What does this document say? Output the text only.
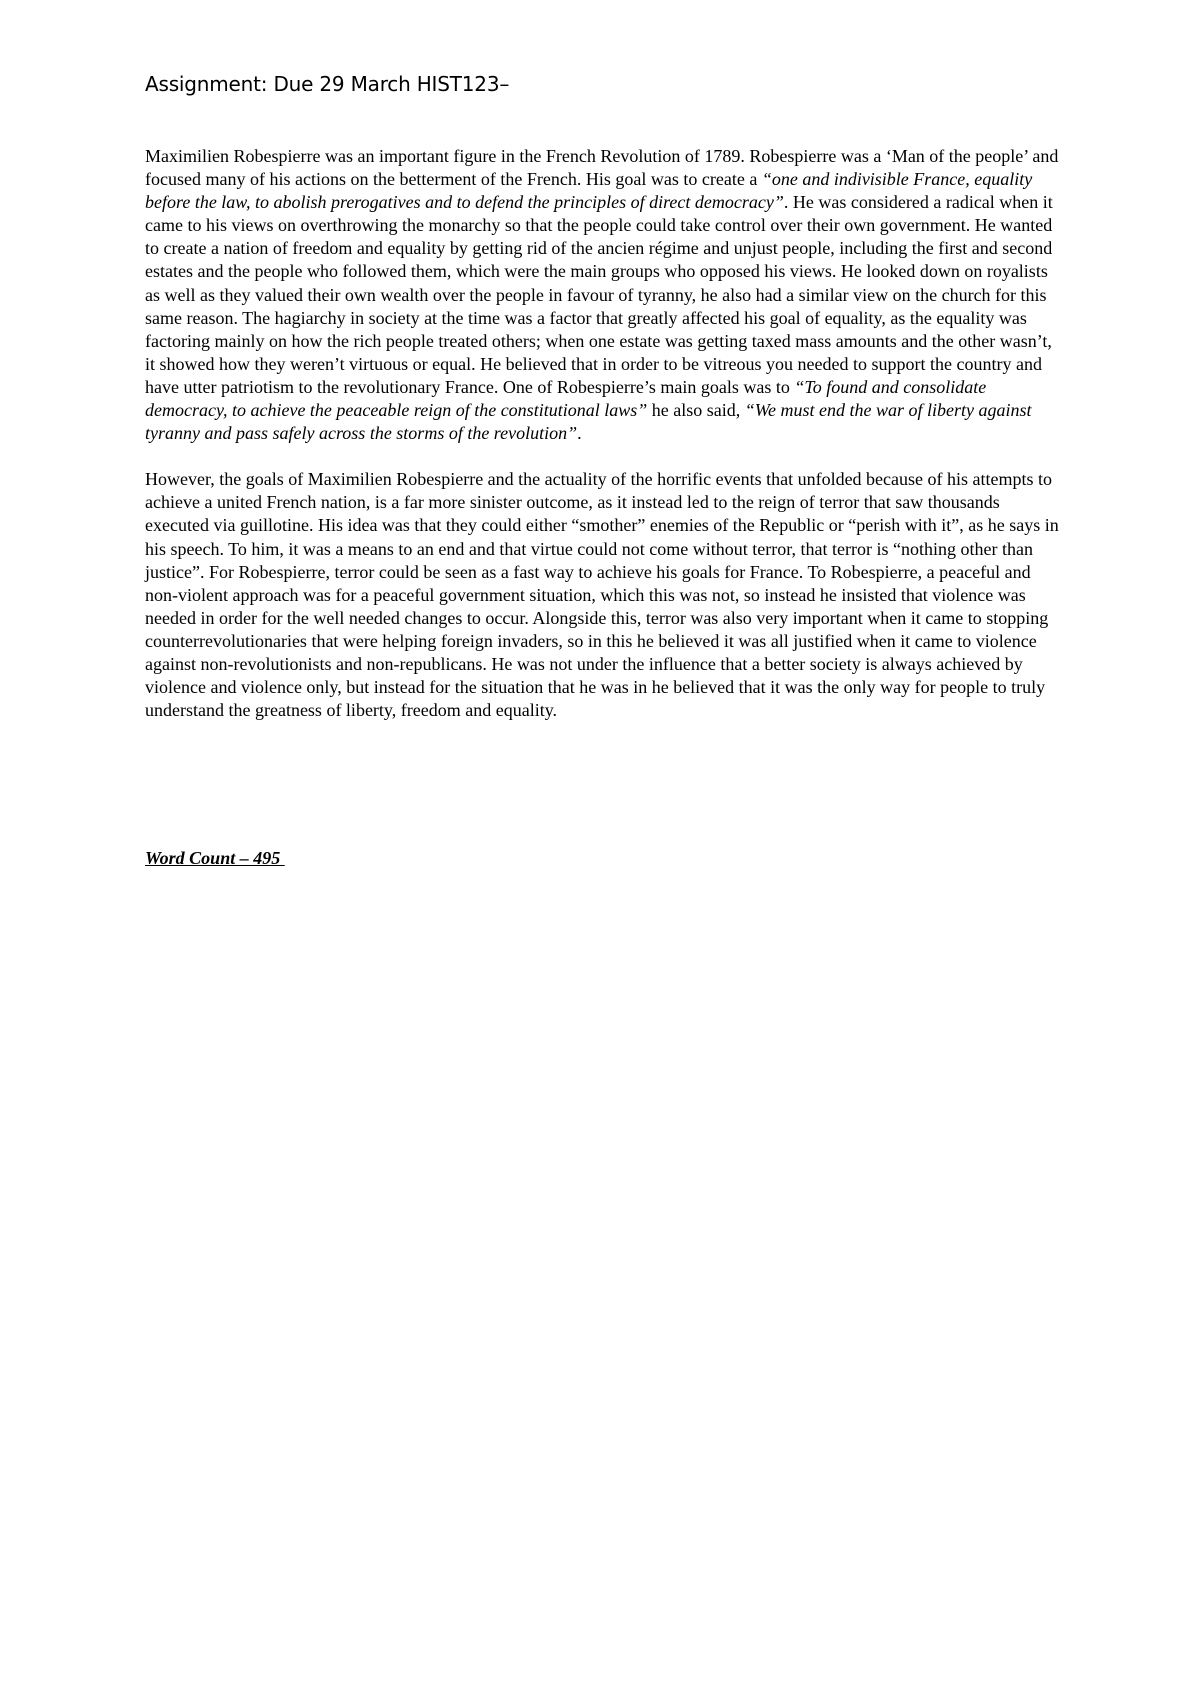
Assignment: Due 29 March HIST123–

Maximilien Robespierre was an important figure in the French Revolution of 1789. Robespierre was a ‘Man of the people’ and focused many of his actions on the betterment of the French. His goal was to create a “one and indivisible France, equality before the law, to abolish prerogatives and to defend the principles of direct democracy”. He was considered a radical when it came to his views on overthrowing the monarchy so that the people could take control over their own government. He wanted to create a nation of freedom and equality by getting rid of the ancien régime and unjust people, including the first and second estates and the people who followed them, which were the main groups who opposed his views. He looked down on royalists as well as they valued their own wealth over the people in favour of tyranny, he also had a similar view on the church for this same reason. The hagiarchy in society at the time was a factor that greatly affected his goal of equality, as the equality was factoring mainly on how the rich people treated others; when one estate was getting taxed mass amounts and the other wasn’t, it showed how they weren’t virtuous or equal. He believed that in order to be vitreous you needed to support the country and have utter patriotism to the revolutionary France. One of Robespierre’s main goals was to “To found and consolidate democracy, to achieve the peaceable reign of the constitutional laws” he also said, “We must end the war of liberty against tyranny and pass safely across the storms of the revolution”.

However, the goals of Maximilien Robespierre and the actuality of the horrific events that unfolded because of his attempts to achieve a united French nation, is a far more sinister outcome, as it instead led to the reign of terror that saw thousands executed via guillotine. His idea was that they could either “smother” enemies of the Republic or “perish with it”, as he says in his speech. To him, it was a means to an end and that virtue could not come without terror, that terror is “nothing other than justice”. For Robespierre, terror could be seen as a fast way to achieve his goals for France. To Robespierre, a peaceful and non-violent approach was for a peaceful government situation, which this was not, so instead he insisted that violence was needed in order for the well needed changes to occur. Alongside this, terror was also very important when it came to stopping counterrevolutionaries that were helping foreign invaders, so in this he believed it was all justified when it came to violence against non-revolutionists and non-republicans. He was not under the influence that a better society is always achieved by violence and violence only, but instead for the situation that he was in he believed that it was the only way for people to truly understand the greatness of liberty, freedom and equality.

Word Count – 495
